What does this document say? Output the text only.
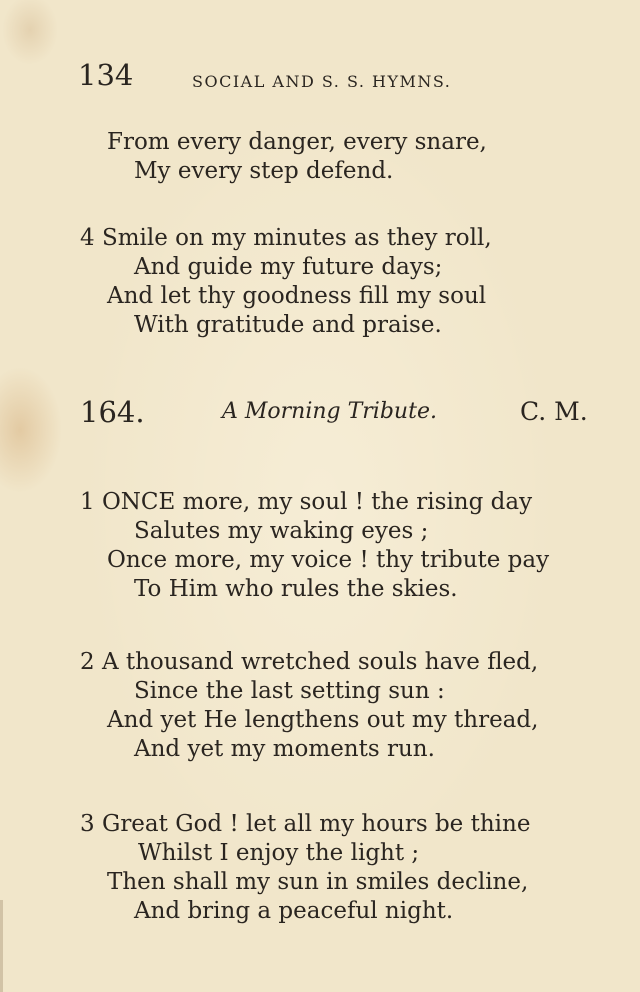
134	SOCIAL AND S. S. HYMNS.
From every danger, every snare,
My every step defend.
4 Smile on my minutes as they roll,
And guide my future days;
And let thy goodness fill my soul
With gratitude and praise.
164.	A Morning Tribute.	C. M.
1 ONCE more, my soul ! the rising day
Salutes my waking eyes ;
Once more, my voice ! thy tribute pay
To Him who rules the skies.
2 A thousand wretched souls have fled,
Since the last setting sun :
And yet He lengthens out my thread,
And yet my moments run.
3 Great God ! let all my hours be thine
Whilst I enjoy the light ;
Then shall my sun in smiles decline,
And bring a peaceful night.
